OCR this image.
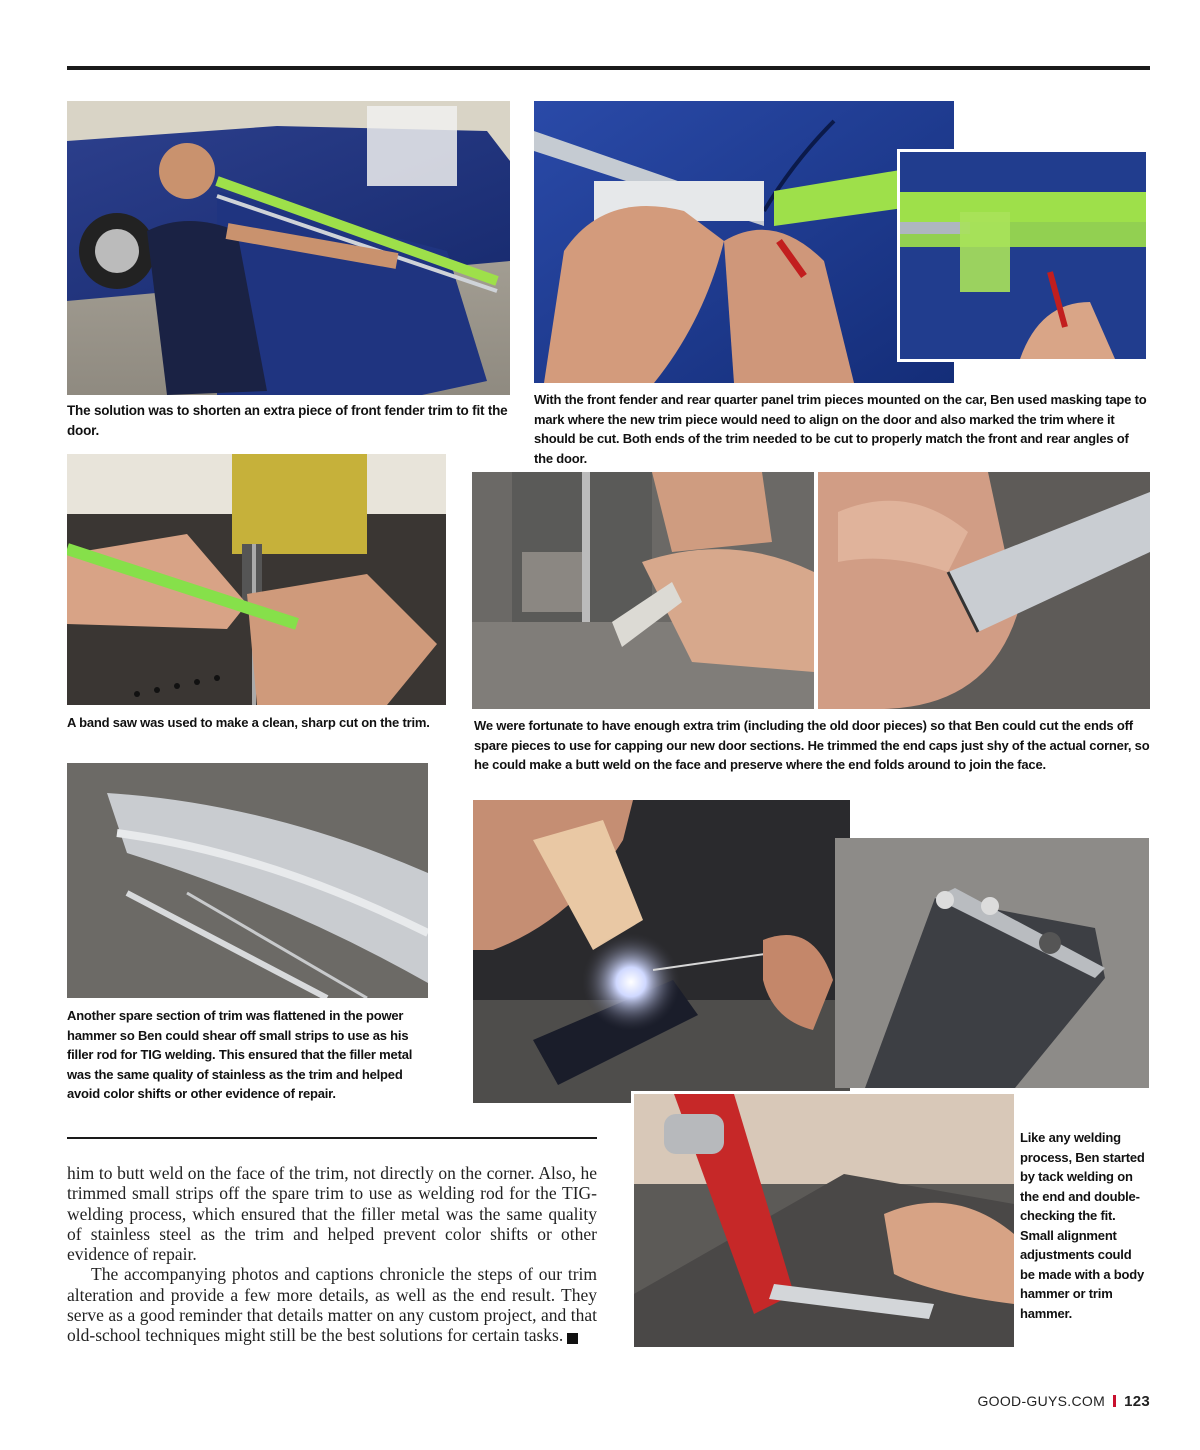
The solution was to shorten an extra piece of front fender trim to fit the door.
With the front fender and rear quarter panel trim pieces mounted on the car, Ben used masking tape to mark where the new trim piece would need to align on the door and also marked the trim where it should be cut. Both ends of the trim needed to be cut to properly match the front and rear angles of the door.
A band saw was used to make a clean, sharp cut on the trim.	We were fortunate to have enough extra trim (including the old door pieces) so that Ben could cut the ends off spare pieces to use for capping our new door sections. He trimmed the end caps just shy of the actual corner, so he could make a butt weld on the face and preserve where the end folds around to join the face.
Another spare section of trim was flattened in the power hammer so Ben could shear off small strips to use as his filler rod for TIG welding. This ensured that the filler metal was the same quality of stainless as the trim and helped avoid color shifts or other evidence of repair.
Like any welding process, Ben started by tack welding on the end and double-checking the fit. Small alignment adjustments could be made with a body hammer or trim hammer.

him to butt weld on the face of the trim, not directly on the corner. Also, he trimmed small strips off the spare trim to use as welding rod for the TIG-welding process, which ensured that the filler metal was the same quality of stainless steel as the trim and helped prevent color shifts or other evidence of repair.

The accompanying photos and captions chronicle the steps of our trim alteration and provide a few more details, as well as the end result. They serve as a good reminder that details matter on any custom project, and that old-school techniques might still be the best solutions for certain tasks.	GG

GOOD-GUYS.COM 123
